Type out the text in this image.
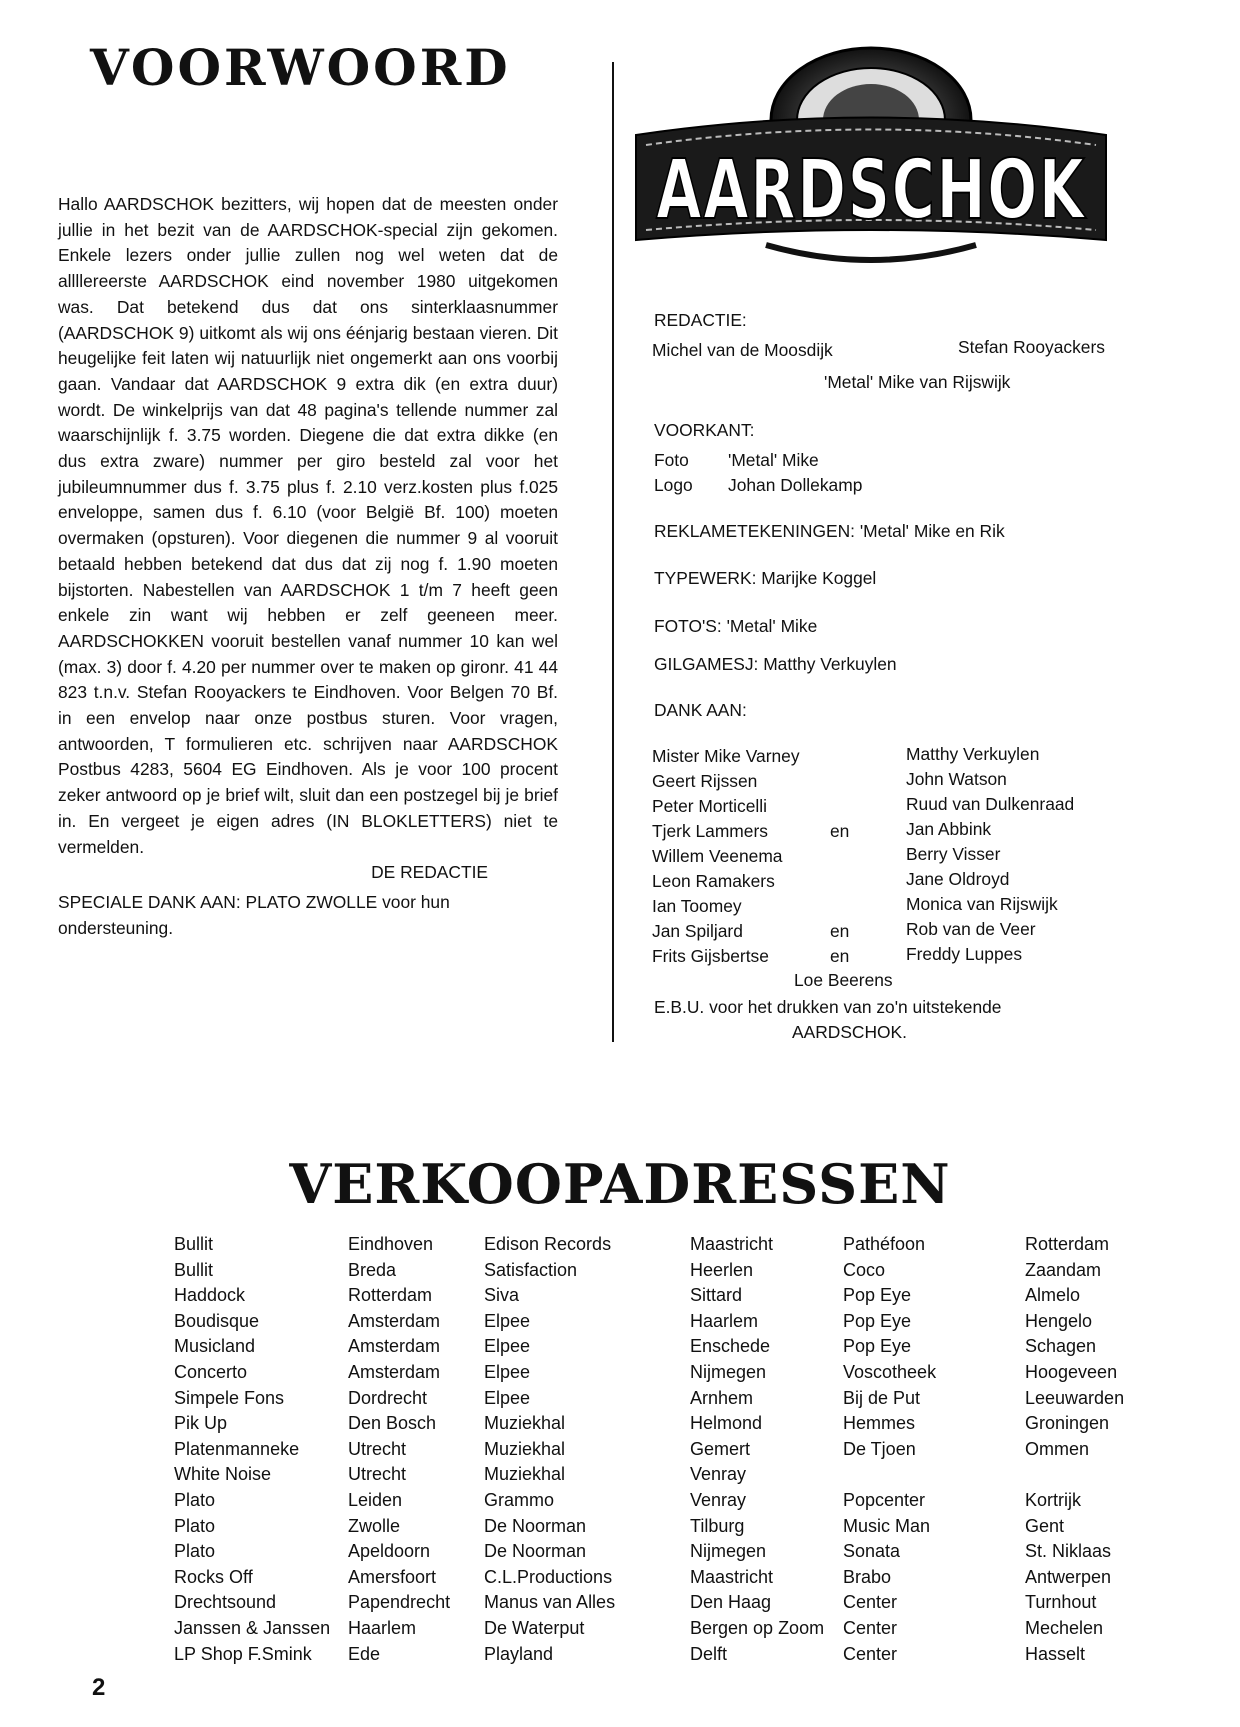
VOORWOORD

Hallo AARDSCHOK bezitters, wij hopen dat de meesten onder jullie in het bezit van de AARDSCHOK-special zijn gekomen. Enkele lezers onder jullie zullen nog wel weten dat de allllereerste AARDSCHOK eind november 1980 uitgekomen was. Dat betekend dus dat ons sinterklaasnummer (AARDSCHOK 9) uitkomt als wij ons éénjarig bestaan vieren. Dit heugelijke feit laten wij natuurlijk niet ongemerkt aan ons voorbij gaan. Vandaar dat AARDSCHOK 9 extra dik (en extra duur) wordt. De winkelprijs van dat 48 pagina's tellende nummer zal waarschijnlijk f. 3.75 worden. Diegene die dat extra dikke (en dus extra zware) nummer per giro besteld zal voor het jubileumnummer dus f. 3.75 plus f. 2.10 verz.kosten plus f.025 enveloppe, samen dus f. 6.10 (voor België Bf. 100) moeten overmaken (opsturen). Voor diegenen die nummer 9 al vooruit betaald hebben betekend dat dus dat zij nog f. 1.90 moeten bijstorten. Nabestellen van AARDSCHOK 1 t/m 7 heeft geen enkele zin want wij hebben er zelf geeneen meer. AARDSCHOKKEN vooruit bestellen vanaf nummer 10 kan wel (max. 3) door f. 4.20 per nummer over te maken op gironr. 41 44 823 t.n.v. Stefan Rooyackers te Eindhoven. Voor Belgen 70 Bf. in een envelop naar onze postbus sturen. Voor vragen, antwoorden, T formulieren etc. schrijven naar AARDSCHOK Postbus 4283, 5604 EG Eindhoven. Als je voor 100 procent zeker antwoord op je brief wilt, sluit dan een postzegel bij je brief in. En vergeet je eigen adres (IN BLOKLETTERS) niet te vermelden.

DE REDACTIE

SPECIALE DANK AAN: PLATO ZWOLLE voor hun ondersteuning.

AARDSCHOK
REDACTIE:
Michel van de Moosdijk	Stefan Rooyackers
'Metal' Mike van Rijswijk
VOORKANT:
Foto 'Metal' Mike
Logo Johan Dollekamp
REKLAMETEKENINGEN: 'Metal' Mike en Rik
TYPEWERK: Marijke Koggel
FOTO'S: 'Metal' Mike
GILGAMESJ: Matthy Verkuylen
DANK AAN:
Mister Mike Varney
Geert Rijssen
Peter Morticelli
Tjerk Lammers
Willem Veenema
Leon Ramakers
Ian Toomey
Jan Spiljard
Frits Gijsbertse
en
en
en
Matthy Verkuylen
John Watson
Ruud van Dulkenraad
Jan Abbink
Berry Visser
Jane Oldroyd
Monica van Rijswijk
Rob van de Veer
Freddy Luppes
Loe Beerens
E.B.U. voor het drukken van zo'n uitstekende
AARDSCHOK.
VERKOOPADRESSEN
Bullit
Bullit
Haddock
Boudisque
Musicland
Concerto
Simpele Fons
Pik Up
Platenmanneke
White Noise
Plato
Plato
Plato
Rocks Off
Drechtsound
Janssen & Janssen
LP Shop F.Smink
Eindhoven
Breda
Rotterdam
Amsterdam
Amsterdam
Amsterdam
Dordrecht
Den Bosch
Utrecht
Utrecht
Leiden
Zwolle
Apeldoorn
Amersfoort
Papendrecht
Haarlem
Ede
Edison Records
Satisfaction
Siva
Elpee
Elpee
Elpee
Elpee
Muziekhal
Muziekhal
Muziekhal
Grammo
De Noorman
De Noorman
C.L.Productions
Manus van Alles
De Waterput
Playland
Maastricht
Heerlen
Sittard
Haarlem
Enschede
Nijmegen
Arnhem
Helmond
Gemert
Venray
Venray
Tilburg
Nijmegen
Maastricht
Den Haag
Bergen op Zoom
Delft
Pathéfoon
Coco
Pop Eye
Pop Eye
Pop Eye
Voscotheek
Bij de Put
Hemmes
De Tjoen
Popcenter
Music Man
Sonata
Brabo
Center
Center
Center
Rotterdam
Zaandam
Almelo
Hengelo
Schagen
Hoogeveen
Leeuwarden
Groningen
Ommen
Kortrijk
Gent
St. Niklaas
Antwerpen
Turnhout
Mechelen
Hasselt
2
